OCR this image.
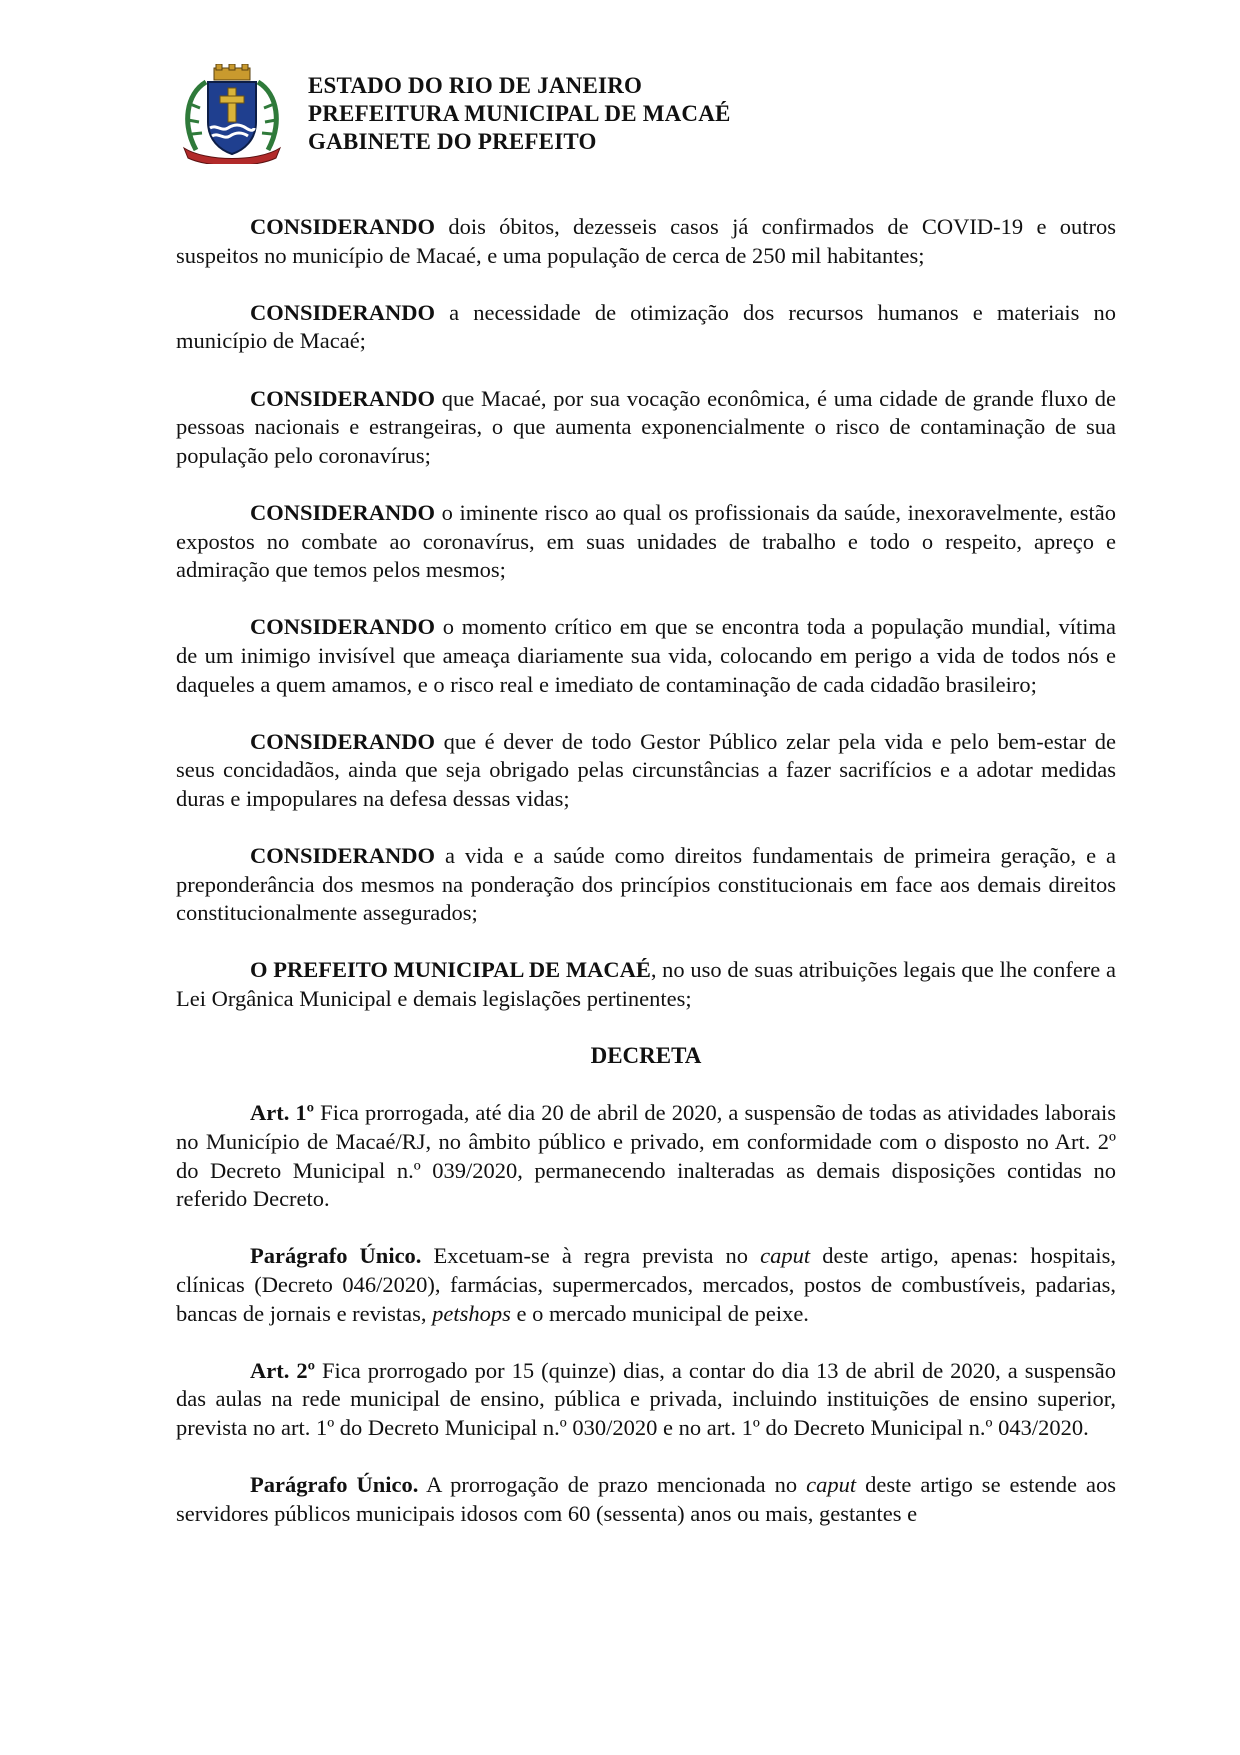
ESTADO DO RIO DE JANEIRO
PREFEITURA MUNICIPAL DE MACAÉ
GABINETE DO PREFEITO

CONSIDERANDO dois óbitos, dezesseis casos já confirmados de COVID-19 e outros suspeitos no município de Macaé, e uma população de cerca de 250 mil habitantes;

CONSIDERANDO a necessidade de otimização dos recursos humanos e materiais no município de Macaé;

CONSIDERANDO que Macaé, por sua vocação econômica, é uma cidade de grande fluxo de pessoas nacionais e estrangeiras, o que aumenta exponencialmente o risco de contaminação de sua população pelo coronavírus;

CONSIDERANDO o iminente risco ao qual os profissionais da saúde, inexoravelmente, estão expostos no combate ao coronavírus, em suas unidades de trabalho e todo o respeito, apreço e admiração que temos pelos mesmos;

CONSIDERANDO o momento crítico em que se encontra toda a população mundial, vítima de um inimigo invisível que ameaça diariamente sua vida, colocando em perigo a vida de todos nós e daqueles a quem amamos, e o risco real e imediato de contaminação de cada cidadão brasileiro;

CONSIDERANDO que é dever de todo Gestor Público zelar pela vida e pelo bem-estar de seus concidadãos, ainda que seja obrigado pelas circunstâncias a fazer sacrifícios e a adotar medidas duras e impopulares na defesa dessas vidas;

CONSIDERANDO a vida e a saúde como direitos fundamentais de primeira geração, e a preponderância dos mesmos na ponderação dos princípios constitucionais em face aos demais direitos constitucionalmente assegurados;

O PREFEITO MUNICIPAL DE MACAÉ, no uso de suas atribuições legais que lhe confere a Lei Orgânica Municipal e demais legislações pertinentes;

DECRETA

Art. 1º Fica prorrogada, até dia 20 de abril de 2020, a suspensão de todas as atividades laborais no Município de Macaé/RJ, no âmbito público e privado, em conformidade com o disposto no Art. 2º do Decreto Municipal n.º 039/2020, permanecendo inalteradas as demais disposições contidas no referido Decreto.

Parágrafo Único. Excetuam-se à regra prevista no caput deste artigo, apenas: hospitais, clínicas (Decreto 046/2020), farmácias, supermercados, mercados, postos de combustíveis, padarias, bancas de jornais e revistas, petshops e o mercado municipal de peixe.

Art. 2º Fica prorrogado por 15 (quinze) dias, a contar do dia 13 de abril de 2020, a suspensão das aulas na rede municipal de ensino, pública e privada, incluindo instituições de ensino superior, prevista no art. 1º do Decreto Municipal n.º 030/2020 e no art. 1º do Decreto Municipal n.º 043/2020.

Parágrafo Único. A prorrogação de prazo mencionada no caput deste artigo se estende aos servidores públicos municipais idosos com 60 (sessenta) anos ou mais, gestantes e
